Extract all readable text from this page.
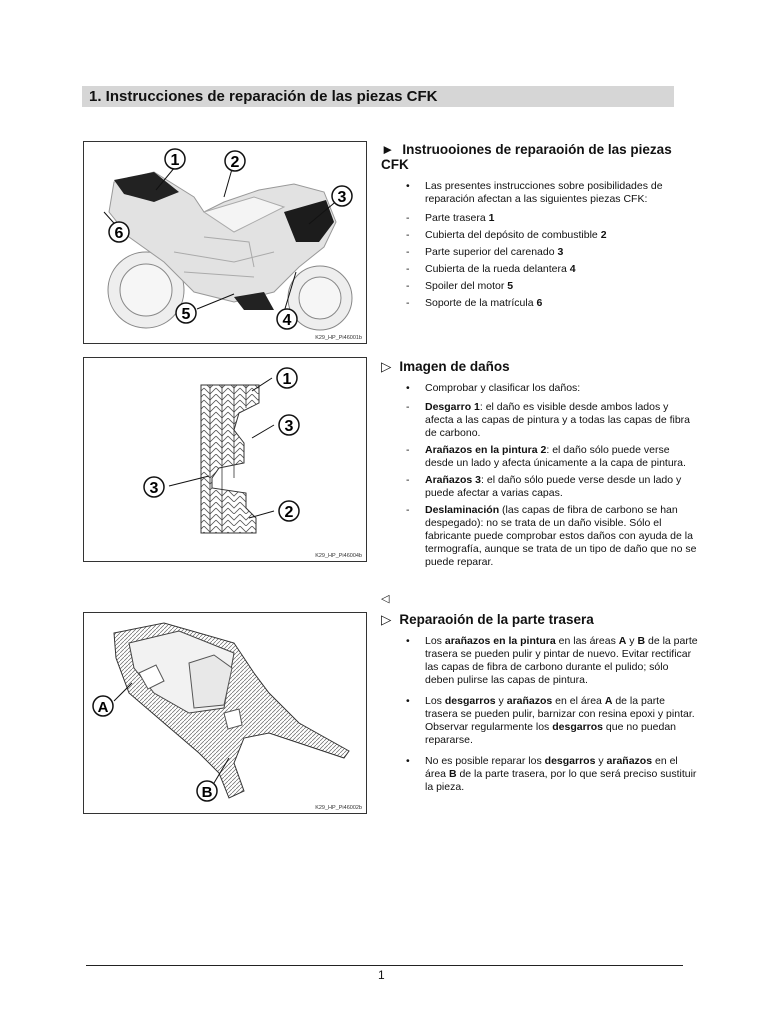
1. Instrucciones de reparación de las piezas CFK
1	2
3
4
5
6
K29_HP_Pi46001b
1
2
3
3
K29_HP_Pi46004b
A
B
K29_HP_Pi46002b
► Instruooiones de reparaoión de las piezas CFK
• Las presentes instrucciones sobre posibilidades de reparación afectan a las siguientes piezas CFK:
- Parte trasera 1
- Cubierta del depósito de combustible 2
- Parte superior del carenado 3
- Cubierta de la rueda delantera 4
- Spoiler del motor 5
- Soporte de la matrícula 6
▷ Imagen de daños
• Comprobar y clasificar los daños:
- Desgarro 1: el daño es visible desde ambos lados y afecta a las capas de pintura y a todas las capas de fibra de carbono.
- Arañazos en la pintura 2: el daño sólo puede verse desde un lado y afecta únicamente a la capa de pintura.
- Arañazos 3: el daño sólo puede verse desde un lado y puede afectar a varias capas.
- Deslaminación (las capas de fibra de carbono se han despegado): no se trata de un daño visible. Sólo el fabricante puede comprobar estos daños con ayuda de la termografía, aunque se trata de un tipo de daño que no se puede reparar.
◁
▷ Reparaoión de la parte trasera
• Los arañazos en la pintura en las áreas A y B de la parte trasera se pueden pulir y pintar de nuevo. Evitar rectificar las capas de fibra de carbono durante el pulido; sólo deben pulirse las capas de pintura.
• Los desgarros y arañazos en el área A de la parte trasera se pueden pulir, barnizar con resina epoxi y pintar. Observar regularmente los desgarros que no puedan repararse.
• No es posible reparar los desgarros y arañazos en el área B de la parte trasera, por lo que será preciso sustituir la pieza.
1
